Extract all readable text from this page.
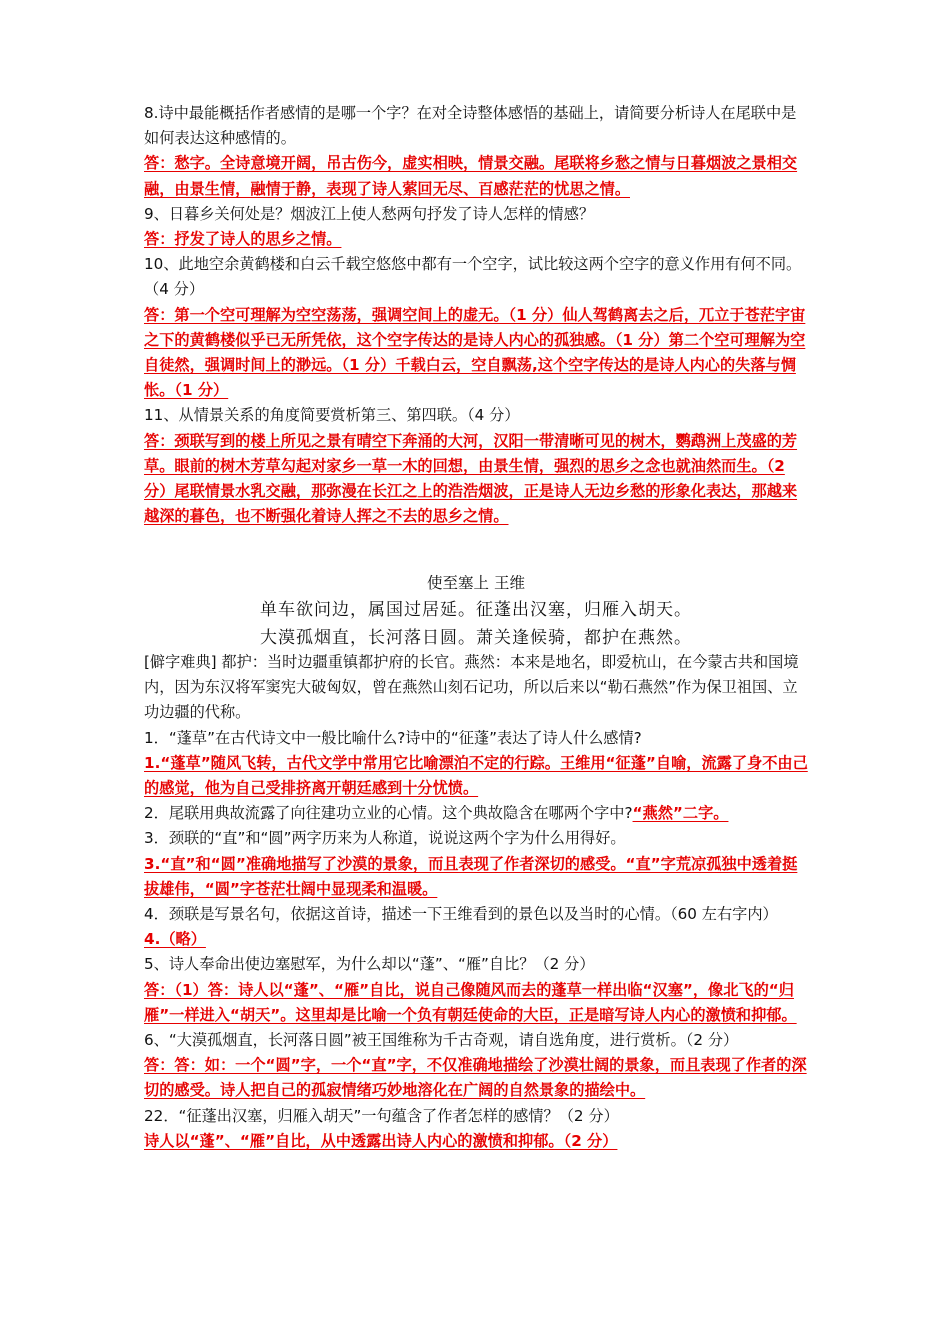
8.诗中最能概括作者感情的是哪一个字？在对全诗整体感悟的基础上，请简要分析诗人在尾联中是如何表达这种感情的。

答：愁字。全诗意境开阔，吊古伤今，虚实相映，情景交融。尾联将乡愁之情与日暮烟波之景相交融，由景生情，融情于静，表现了诗人萦回无尽、百感茫茫的忧思之情。

9、日暮乡关何处是？烟波江上使人愁两句抒发了诗人怎样的情感？

答：抒发了诗人的思乡之情。

10、此地空余黄鹤楼和白云千载空悠悠中都有一个空字，试比较这两个空字的意义作用有何不同。（4 分）

答：第一个空可理解为空空荡荡，强调空间上的虚无。（1 分）仙人驾鹤离去之后，兀立于苍茫宇宙之下的黄鹤楼似乎已无所凭依，这个空字传达的是诗人内心的孤独感。（1 分）第二个空可理解为空自徒然，强调时间上的渺远。（1 分）千载白云，空自飘荡,这个空字传达的是诗人内心的失落与惆怅。（1 分）

11、从情景关系的角度简要赏析第三、第四联。（4 分）

答：颈联写到的楼上所见之景有晴空下奔涌的大河，汉阳一带清晰可见的树木，鹦鹉洲上茂盛的芳草。眼前的树木芳草勾起对家乡一草一木的回想，由景生情，强烈的思乡之念也就油然而生。（2 分）尾联情景水乳交融，那弥漫在长江之上的浩浩烟波，正是诗人无边乡愁的形象化表达，那越来越深的暮色，也不断强化着诗人挥之不去的思乡之情。

使至塞上 王维

单车欲问边，属国过居延。征蓬出汉塞，归雁入胡天。

大漠孤烟直，长河落日圆。萧关逢候骑，都护在燕然。

[僻字难典] 都护：当时边疆重镇都护府的长官。燕然：本来是地名，即爱杭山，在今蒙古共和国境内，因为东汉将军窦宪大破匈奴，曾在燕然山刻石记功，所以后来以“勒石燕然”作为保卫祖国、立功边疆的代称。

1．“蓬草”在古代诗文中一般比喻什么?诗中的“征蓬”表达了诗人什么感情?

1.“蓬草”随风飞转，古代文学中常用它比喻漂泊不定的行踪。王维用“征蓬”自喻，流露了身不由己的感觉，他为自己受排挤离开朝廷感到十分忧愤。

2．尾联用典故流露了向往建功立业的心情。这个典故隐含在哪两个字中?“燕然”二字。

3．颈联的“直”和“圆”两字历来为人称道，说说这两个字为什么用得好。

3.“直”和“圆”准确地描写了沙漠的景象，而且表现了作者深切的感受。“直”字荒凉孤独中透着挺拔雄伟，“圆”字苍茫壮阔中显现柔和温暖。

4．颈联是写景名句，依据这首诗，描述一下王维看到的景色以及当时的心情。（60 左右字内）

4.（略）

5、诗人奉命出使边塞慰军，为什么却以“蓬”、“雁”自比？（2 分）

答：（1）答：诗人以“蓬”、“雁”自比，说自己像随风而去的蓬草一样出临“汉塞”，像北飞的“归雁”一样进入“胡天”。这里却是比喻一个负有朝廷使命的大臣，正是暗写诗人内心的激愤和抑郁。

6、“大漠孤烟直，长河落日圆”被王国维称为千古奇观，请自选角度，进行赏析。（2 分）

答：答：如：一个“圆”字，一个“直”字，不仅准确地描绘了沙漠壮阔的景象，而且表现了作者的深切的感受。诗人把自己的孤寂情绪巧妙地溶化在广阔的自然景象的描绘中。

22．“征蓬出汉塞，归雁入胡天”一句蕴含了作者怎样的感情？（2 分）

诗人以“蓬”、“雁”自比，从中透露出诗人内心的激愤和抑郁。（2 分）
